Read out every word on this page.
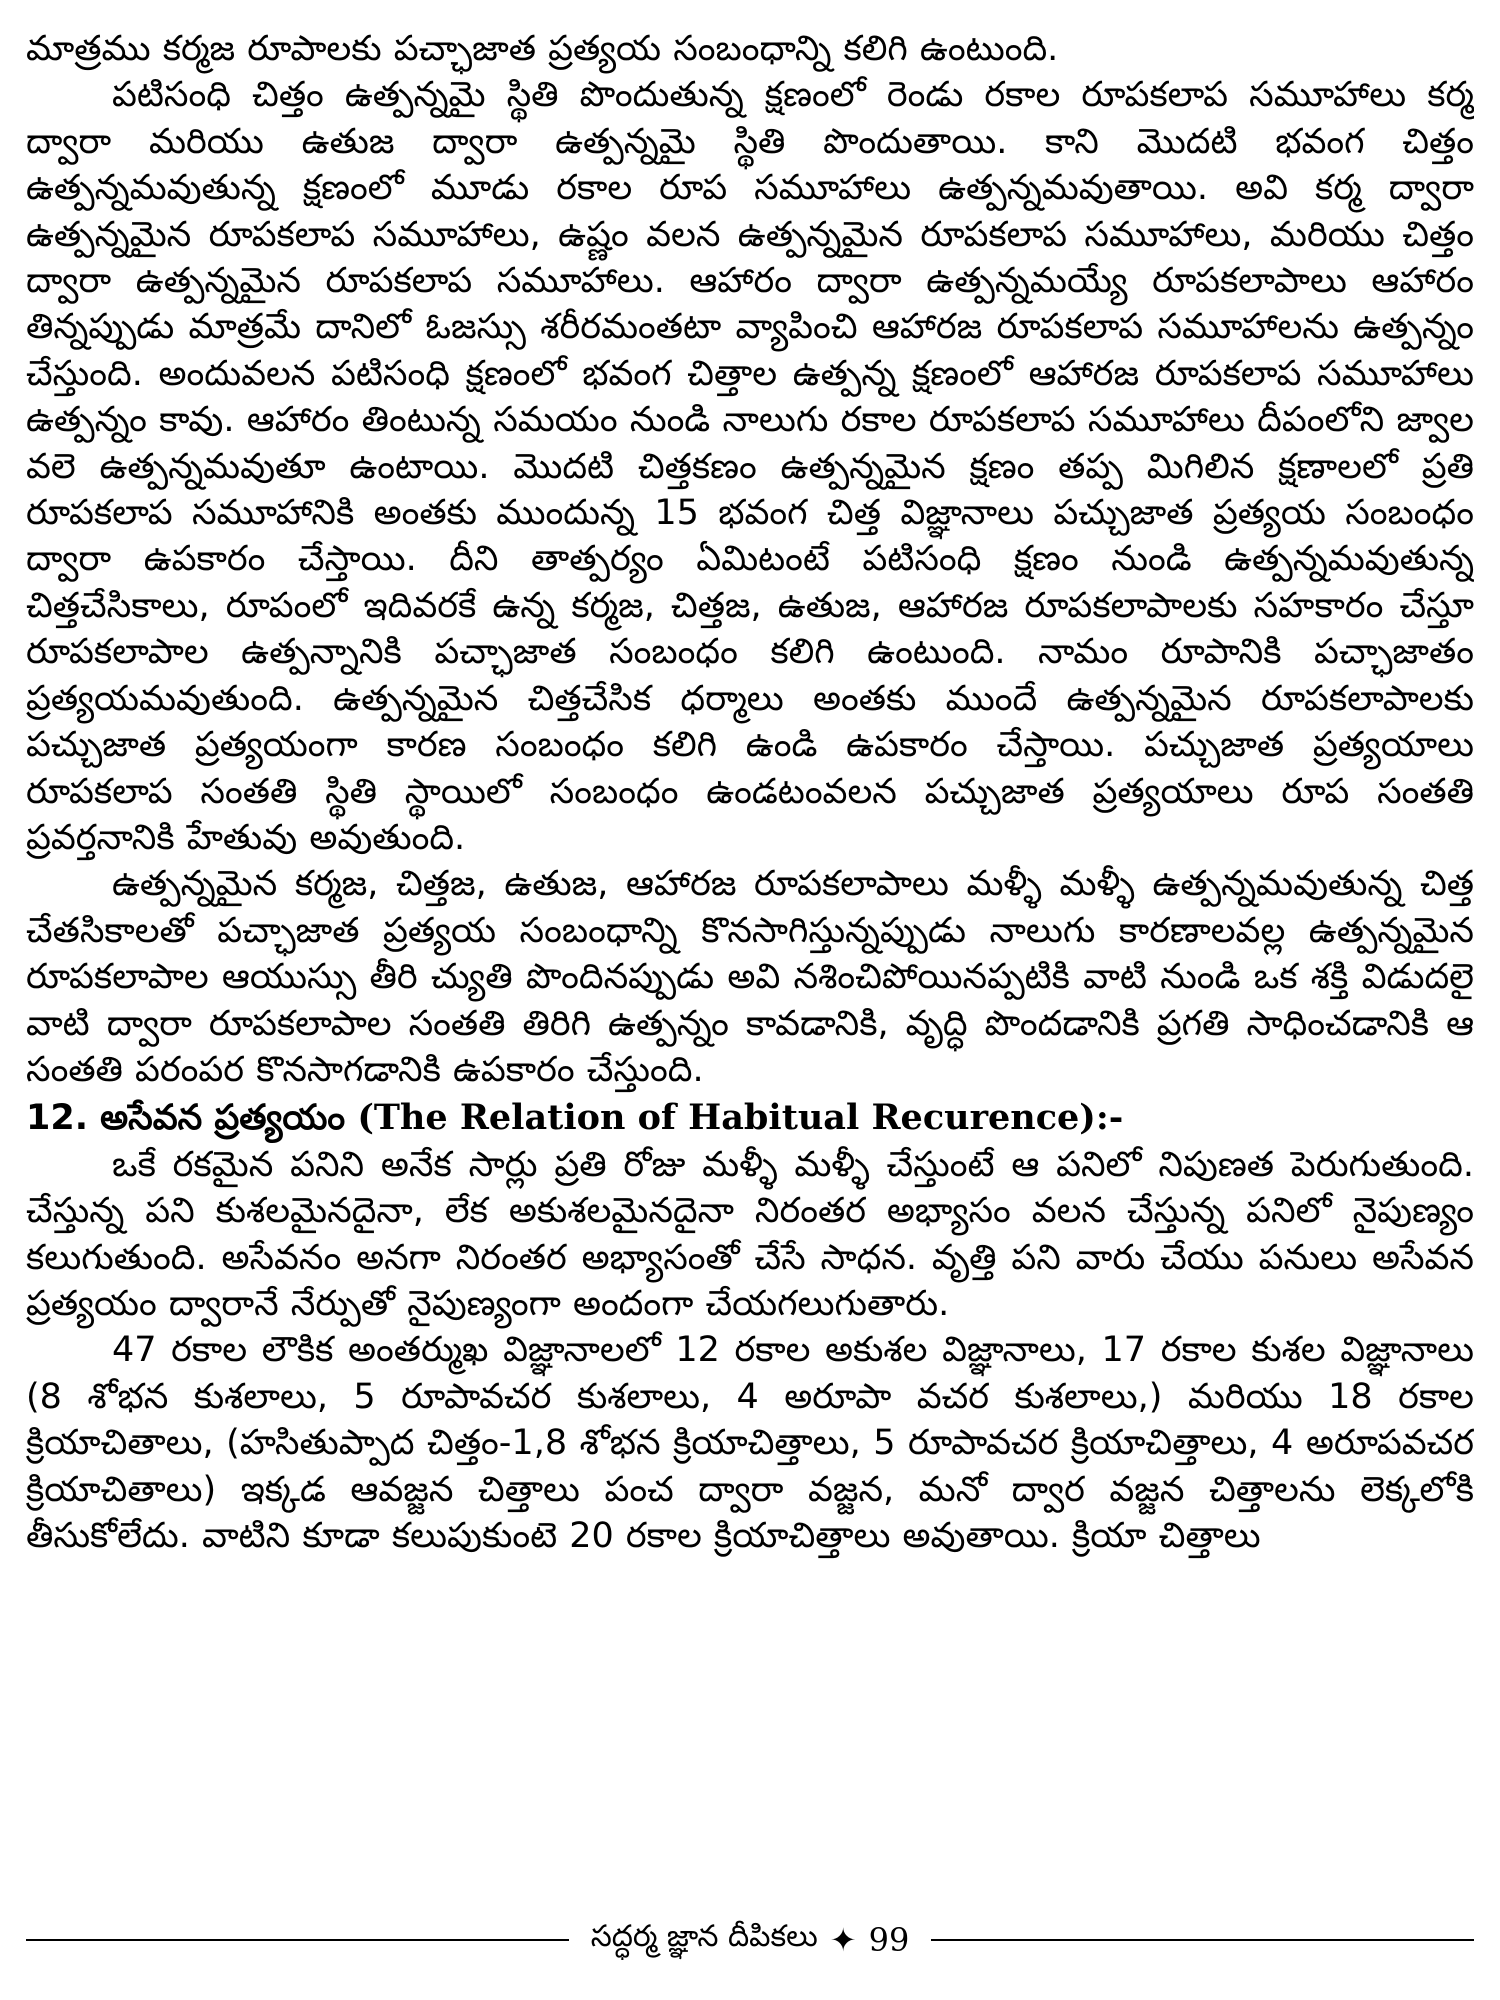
మాత్రము కర్మజ రూపాలకు పచ్ఛాజాత ప్రత్యయ సంబంధాన్ని కలిగి ఉంటుంది.

పటిసంధి చిత్తం ఉత్పన్నమై స్థితి పొందుతున్న క్షణంలో రెండు రకాల రూపకలాప సమూహాలు కర్మ ద్వారా మరియు ఉతుజ ద్వారా ఉత్పన్నమై స్థితి పొందుతాయి. కాని మొదటి భవంగ చిత్తం ఉత్పన్నమవుతున్న క్షణంలో మూడు రకాల రూప సమూహాలు ఉత్పన్నమవుతాయి. అవి కర్మ ద్వారా ఉత్పన్నమైన రూపకలాప సమూహాలు, ఉష్ణం వలన ఉత్పన్నమైన రూపకలాప సమూహాలు, మరియు చిత్తం ద్వారా ఉత్పన్నమైన రూపకలాప సమూహాలు. ఆహారం ద్వారా ఉత్పన్నమయ్యే రూపకలాపాలు ఆహారం తిన్నప్పుడు మాత్రమే దానిలో ఓజస్సు శరీరమంతటా వ్యాపించి ఆహారజ రూపకలాప సమూహాలను ఉత్పన్నం చేస్తుంది. అందువలన పటిసంధి క్షణంలో భవంగ చిత్తాల ఉత్పన్న క్షణంలో ఆహారజ రూపకలాప సమూహాలు ఉత్పన్నం కావు. ఆహారం తింటున్న సమయం నుండి నాలుగు రకాల రూపకలాప సమూహాలు దీపంలోని జ్వాల వలె ఉత్పన్నమవుతూ ఉంటాయి. మొదటి చిత్తకణం ఉత్పన్నమైన క్షణం తప్ప మిగిలిన క్షణాలలో ప్రతి రూపకలాప సమూహానికి అంతకు ముందున్న 15 భవంగ చిత్త విజ్ఞానాలు పచ్చుజాత ప్రత్యయ సంబంధం ద్వారా ఉపకారం చేస్తాయి. దీని తాత్పర్యం ఏమిటంటే పటిసంధి క్షణం నుండి ఉత్పన్నమవుతున్న చిత్తచేసికాలు, రూపంలో ఇదివరకే ఉన్న కర్మజ, చిత్తజ, ఉతుజ, ఆహారజ రూపకలాపాలకు సహకారం చేస్తూ రూపకలాపాల ఉత్పన్నానికి పచ్ఛాజాత సంబంధం కలిగి ఉంటుంది. నామం రూపానికి పచ్ఛాజాతం ప్రత్యయమవుతుంది. ఉత్పన్నమైన చిత్తచేసిక ధర్మాలు అంతకు ముందే ఉత్పన్నమైన రూపకలాపాలకు పచ్చుజాత ప్రత్యయంగా కారణ సంబంధం కలిగి ఉండి ఉపకారం చేస్తాయి. పచ్చుజాత ప్రత్యయాలు రూపకలాప సంతతి స్థితి స్థాయిలో సంబంధం ఉండటంవలన పచ్చుజాత ప్రత్యయాలు రూప సంతతి ప్రవర్తనానికి హేతువు అవుతుంది.

ఉత్పన్నమైన కర్మజ, చిత్తజ, ఉతుజ, ఆహారజ రూపకలాపాలు మళ్ళీ మళ్ళీ ఉత్పన్నమవుతున్న చిత్త చేతసికాలతో పచ్ఛాజాత ప్రత్యయ సంబంధాన్ని కొనసాగిస్తున్నప్పుడు నాలుగు కారణాలవల్ల ఉత్పన్నమైన రూపకలాపాల ఆయుస్సు తీరి చ్యుతి పొందినప్పుడు అవి నశించిపోయినప్పటికి వాటి నుండి ఒక శక్తి విడుదలై వాటి ద్వారా రూపకలాపాల సంతతి తిరిగి ఉత్పన్నం కావడానికి, వృద్ధి పొందడానికి ప్రగతి సాధించడానికి ఆ సంతతి పరంపర కొనసాగడానికి ఉపకారం చేస్తుంది.

12. అసేవన ప్రత్యయం (The Relation of Habitual Recurence):-

ఒకే రకమైన పనిని అనేక సార్లు ప్రతి రోజు మళ్ళీ మళ్ళీ చేస్తుంటే ఆ పనిలో నిపుణత పెరుగుతుంది. చేస్తున్న పని కుశలమైనదైనా, లేక అకుశలమైనదైనా నిరంతర అభ్యాసం వలన చేస్తున్న పనిలో నైపుణ్యం కలుగుతుంది. అసేవనం అనగా నిరంతర అభ్యాసంతో చేసే సాధన. వృత్తి పని వారు చేయు పనులు అసేవన ప్రత్యయం ద్వారానే నేర్పుతో నైపుణ్యంగా అందంగా చేయగలుగుతారు.

47 రకాల లౌకిక అంతర్ముఖ విజ్ఞానాలలో 12 రకాల అకుశల విజ్ఞానాలు, 17 రకాల కుశల విజ్ఞానాలు (8 శోభన కుశలాలు, 5 రూపావచర కుశలాలు, 4 అరూపా వచర కుశలాలు,) మరియు 18 రకాల క్రియాచితాలు, (హసితుప్పాద చిత్తం-1,8 శోభన క్రియాచిత్తాలు, 5 రూపావచర క్రియాచిత్తాలు, 4 అరూపవచర క్రియాచితాలు) ఇక్కడ ఆవజ్జన చిత్తాలు పంచ ద్వారా వజ్జన, మనో ద్వార వజ్జన చిత్తాలను లెక్కలోకి తీసుకోలేదు. వాటిని కూడా కలుపుకుంటె 20 రకాల క్రియాచిత్తాలు అవుతాయి. క్రియా చిత్తాలు

సద్ధర్మ జ్ఞాన దీపికలు ✦ 99
